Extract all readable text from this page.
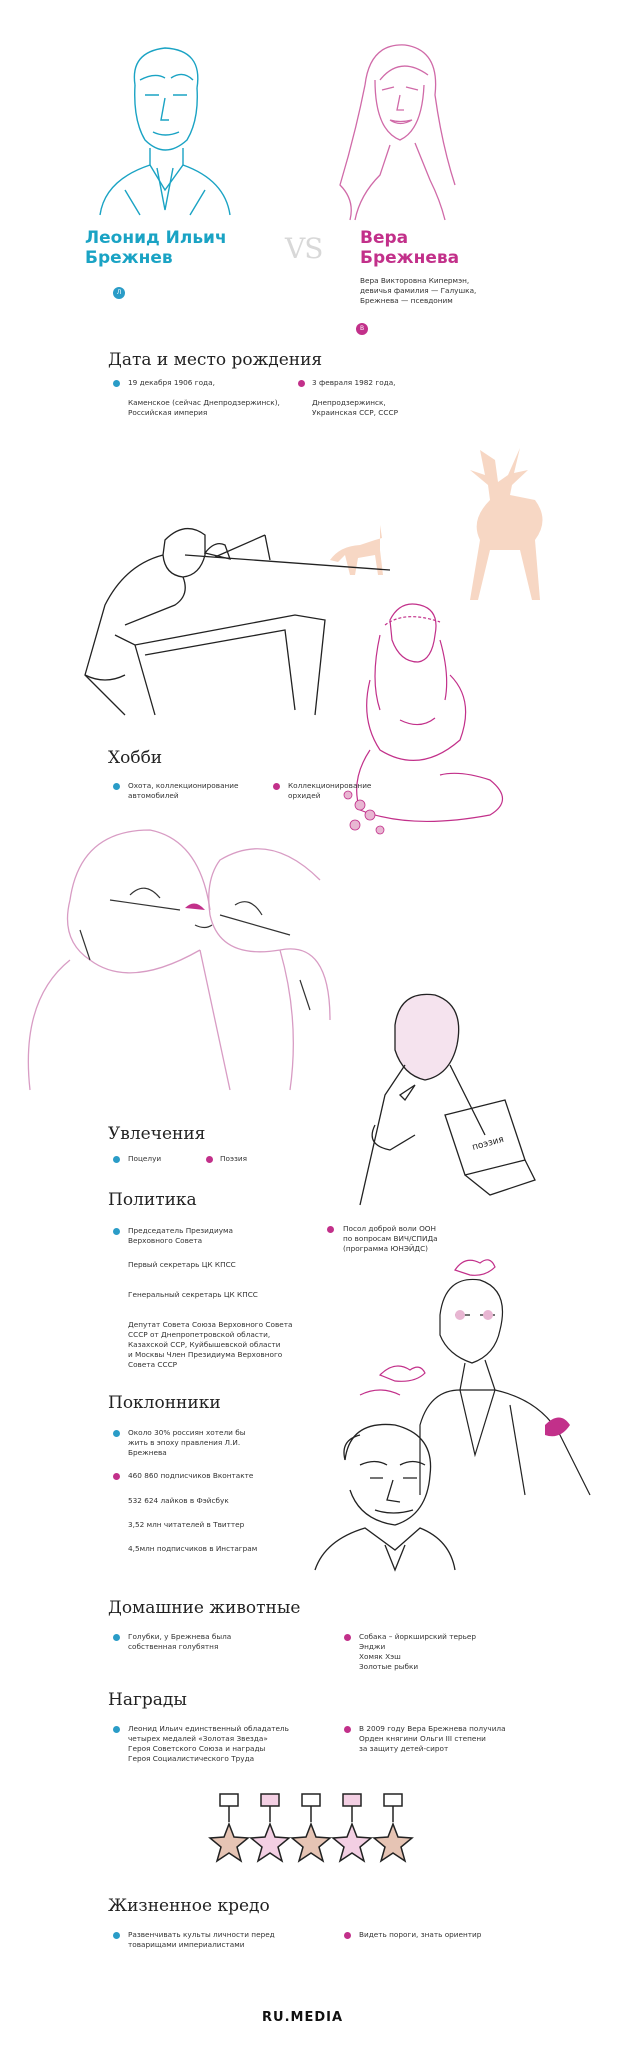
Леонид Ильич
Брежнев	VS Вера
Брежнева
Вера Викторовна Кипермэн,
девичья фамилия — Галушка,
Брежнева — псевдоним
Л
В
Дата и место рождения
19 декабря 1906 года,

Каменское (сейчас Днепродзержинск),
Российская империя
3 февраля 1982 года,

Днепродзержинск,
Украинская ССР, СССР
Хобби
Охота, коллекционирование
автомобилей
Коллекционирование
орхидей
поэзия
Увлечения
Поцелуи	Поэзия
Политика
Председатель Президиума
Верховного Совета
Первый секретарь ЦК КПСС
Генеральный секретарь ЦК КПСС
Депутат Совета Союза Верховного Совета
СССР от Днепропетровской области,
Казахской ССР, Куйбышевской области
и Москвы Член Президиума Верховного
Совета СССР
Посол доброй воли ООН
по вопросам ВИЧ/СПИДа
(программа ЮНЭЙДС)
Поклонники
Около 30% россиян хотели бы
жить в эпоху правления Л.И.
Брежнева
460 860 подписчиков Вконтакте
532 624 лайков в Фэйсбук
3,52 млн читателей в Твиттер
4,5млн подписчиков в Инстаграм
Домашние животные
Голубки, у Брежнева была
собственная голубятня
Собака – йоркширский терьер
Энджи
Хомяк Хэш
Золотые рыбки
Награды
Леонид Ильич единственный обладатель
четырех медалей «Золотая Звезда»
Героя Советского Союза и награды
Героя Социалистического Труда
В 2009 году Вера Брежнева получила
Орден княгини Ольги III степени
за защиту детей-сирот
Жизненное кредо
Развенчивать культы личности перед
товарищами империалистами
Видеть пороги, знать ориентир
RU.MEDIA
